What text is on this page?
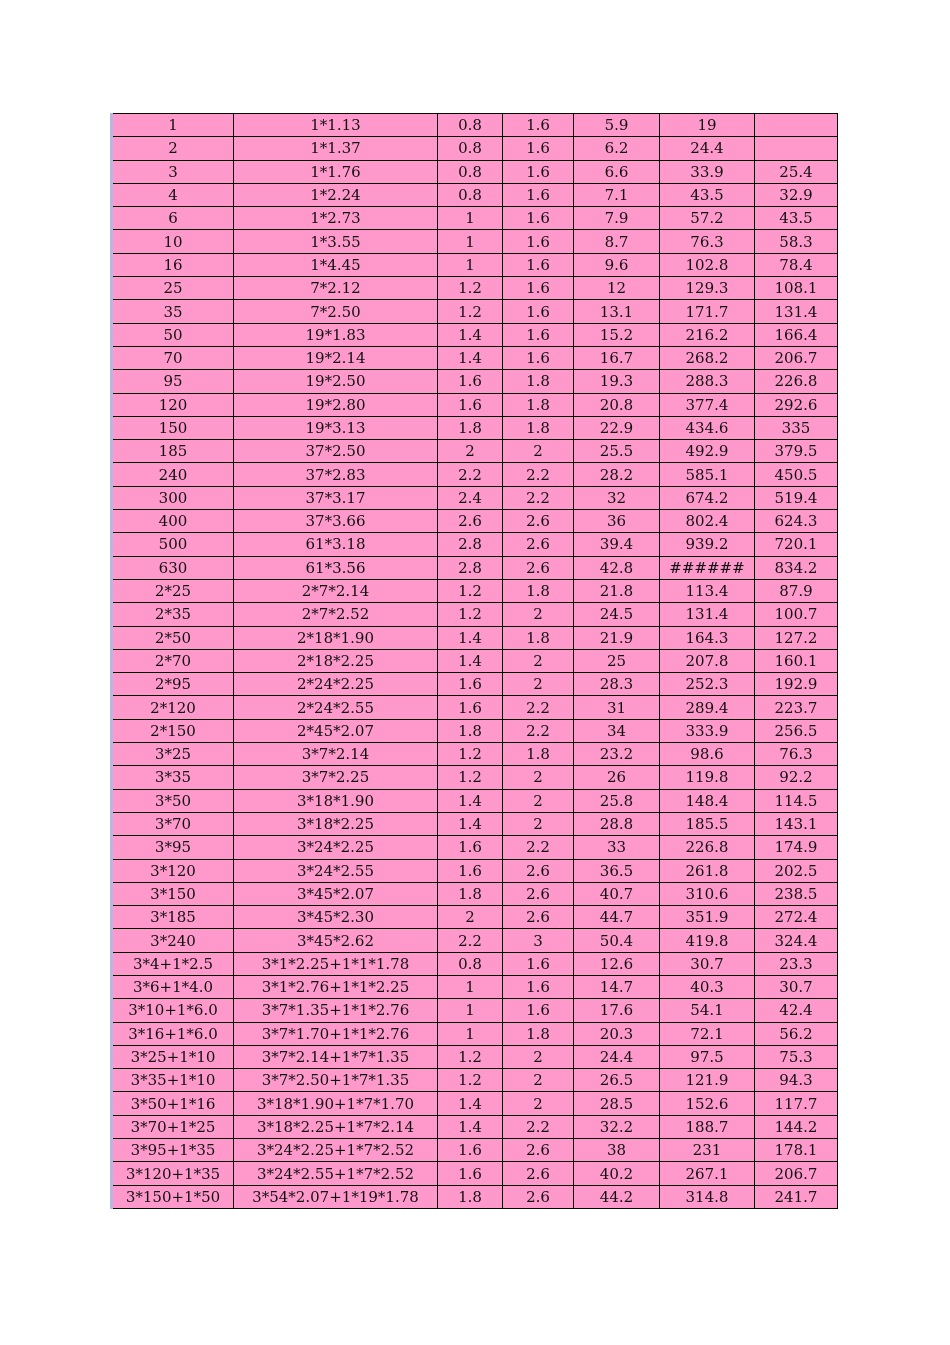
1	1*1.13	0.8	1.6	5.9	19	
2	1*1.37	0.8	1.6	6.2	24.4	
3	1*1.76	0.8	1.6	6.6	33.9	25.4
4	1*2.24	0.8	1.6	7.1	43.5	32.9
6	1*2.73	1	1.6	7.9	57.2	43.5
10	1*3.55	1	1.6	8.7	76.3	58.3
16	1*4.45	1	1.6	9.6	102.8	78.4
25	7*2.12	1.2	1.6	12	129.3	108.1
35	7*2.50	1.2	1.6	13.1	171.7	131.4
50	19*1.83	1.4	1.6	15.2	216.2	166.4
70	19*2.14	1.4	1.6	16.7	268.2	206.7
95	19*2.50	1.6	1.8	19.3	288.3	226.8
120	19*2.80	1.6	1.8	20.8	377.4	292.6
150	19*3.13	1.8	1.8	22.9	434.6	335
185	37*2.50	2	2	25.5	492.9	379.5
240	37*2.83	2.2	2.2	28.2	585.1	450.5
300	37*3.17	2.4	2.2	32	674.2	519.4
400	37*3.66	2.6	2.6	36	802.4	624.3
500	61*3.18	2.8	2.6	39.4	939.2	720.1
630	61*3.56	2.8	2.6	42.8	######	834.2
2*25	2*7*2.14	1.2	1.8	21.8	113.4	87.9
2*35	2*7*2.52	1.2	2	24.5	131.4	100.7
2*50	2*18*1.90	1.4	1.8	21.9	164.3	127.2
2*70	2*18*2.25	1.4	2	25	207.8	160.1
2*95	2*24*2.25	1.6	2	28.3	252.3	192.9
2*120	2*24*2.55	1.6	2.2	31	289.4	223.7
2*150	2*45*2.07	1.8	2.2	34	333.9	256.5
3*25	3*7*2.14	1.2	1.8	23.2	98.6	76.3
3*35	3*7*2.25	1.2	2	26	119.8	92.2
3*50	3*18*1.90	1.4	2	25.8	148.4	114.5
3*70	3*18*2.25	1.4	2	28.8	185.5	143.1
3*95	3*24*2.25	1.6	2.2	33	226.8	174.9
3*120	3*24*2.55	1.6	2.6	36.5	261.8	202.5
3*150	3*45*2.07	1.8	2.6	40.7	310.6	238.5
3*185	3*45*2.30	2	2.6	44.7	351.9	272.4
3*240	3*45*2.62	2.2	3	50.4	419.8	324.4
3*4+1*2.5	3*1*2.25+1*1*1.78	0.8	1.6	12.6	30.7	23.3
3*6+1*4.0	3*1*2.76+1*1*2.25	1	1.6	14.7	40.3	30.7
3*10+1*6.0	3*7*1.35+1*1*2.76	1	1.6	17.6	54.1	42.4
3*16+1*6.0	3*7*1.70+1*1*2.76	1	1.8	20.3	72.1	56.2
3*25+1*10	3*7*2.14+1*7*1.35	1.2	2	24.4	97.5	75.3
3*35+1*10	3*7*2.50+1*7*1.35	1.2	2	26.5	121.9	94.3
3*50+1*16	3*18*1.90+1*7*1.70	1.4	2	28.5	152.6	117.7
3*70+1*25	3*18*2.25+1*7*2.14	1.4	2.2	32.2	188.7	144.2
3*95+1*35	3*24*2.25+1*7*2.52	1.6	2.6	38	231	178.1
3*120+1*35	3*24*2.55+1*7*2.52	1.6	2.6	40.2	267.1	206.7
3*150+1*50	3*54*2.07+1*19*1.78	1.8	2.6	44.2	314.8	241.7
